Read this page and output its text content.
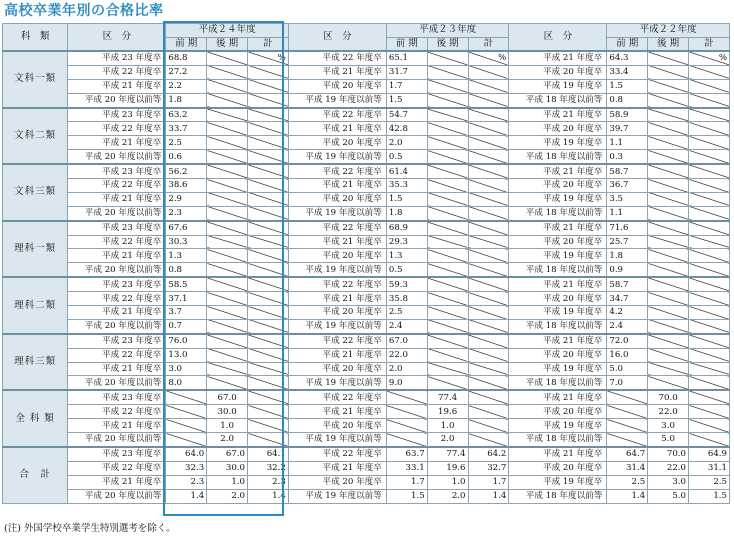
高校卒業年別の合格比率
科　類	区　分	平成２４年度			区　分	平成２３年度			区　分	平成２２年度		
		前 期	後 期	計		前 期	後 期	計		前 期	後 期	計
文科一類	平成 23 年度卒	68.8		%	平成 22 年度卒	65.1		%	平成 21 年度卒	64.3		%
	平成 22 年度卒	27.2			平成 21 年度卒	31.7			平成 20 年度卒	33.4		
	平成 21 年度卒	2.2			平成 20 年度卒	1.7			平成 19 年度卒	1.5		
	平成 20 年度以前等	1.8			平成 19 年度以前等	1.5			平成 18 年度以前等	0.8		
文科二類	平成 23 年度卒	63.2			平成 22 年度卒	54.7			平成 21 年度卒	58.9		
	平成 22 年度卒	33.7			平成 21 年度卒	42.8			平成 20 年度卒	39.7		
	平成 21 年度卒	2.5			平成 20 年度卒	2.0			平成 19 年度卒	1.1		
	平成 20 年度以前等	0.6			平成 19 年度以前等	0.5			平成 18 年度以前等	0.3		
文科三類	平成 23 年度卒	56.2			平成 22 年度卒	61.4			平成 21 年度卒	58.7		
	平成 22 年度卒	38.6			平成 21 年度卒	35.3			平成 20 年度卒	36.7		
	平成 21 年度卒	2.9			平成 20 年度卒	1.5			平成 19 年度卒	3.5		
	平成 20 年度以前等	2.3			平成 19 年度以前等	1.8			平成 18 年度以前等	1.1		
理科一類	平成 23 年度卒	67.6			平成 22 年度卒	68.9			平成 21 年度卒	71.6		
	平成 22 年度卒	30.3			平成 21 年度卒	29.3			平成 20 年度卒	25.7		
	平成 21 年度卒	1.3			平成 20 年度卒	1.3			平成 19 年度卒	1.8		
	平成 20 年度以前等	0.8			平成 19 年度以前等	0.5			平成 18 年度以前等	0.9		
理科二類	平成 23 年度卒	58.5			平成 22 年度卒	59.3			平成 21 年度卒	58.7		
	平成 22 年度卒	37.1			平成 21 年度卒	35.8			平成 20 年度卒	34.7		
	平成 21 年度卒	3.7			平成 20 年度卒	2.5			平成 19 年度卒	4.2		
	平成 20 年度以前等	0.7			平成 19 年度以前等	2.4			平成 18 年度以前等	2.4		
理科三類	平成 23 年度卒	76.0			平成 22 年度卒	67.0			平成 21 年度卒	72.0		
	平成 22 年度卒	13.0			平成 21 年度卒	22.0			平成 20 年度卒	16.0		
	平成 21 年度卒	3.0			平成 20 年度卒	2.0			平成 19 年度卒	5.0		
	平成 20 年度以前等	8.0			平成 19 年度以前等	9.0			平成 18 年度以前等	7.0		
全 科 類	平成 23 年度卒		67.0		平成 22 年度卒		77.4		平成 21 年度卒		70.0	
	平成 22 年度卒		30.0		平成 21 年度卒		19.6		平成 20 年度卒		22.0	
	平成 21 年度卒		1.0		平成 20 年度卒		1.0		平成 19 年度卒		3.0	
	平成 20 年度以前等		2.0		平成 19 年度以前等		2.0		平成 18 年度以前等		5.0	
合　計	平成 23 年度卒	64.0	67.0	64.1	平成 22 年度卒	63.7	77.4	64.2	平成 21 年度卒	64.7	70.0	64.9
	平成 22 年度卒	32.3	30.0	32.2	平成 21 年度卒	33.1	19.6	32.7	平成 20 年度卒	31.4	22.0	31.1
	平成 21 年度卒	2.3	1.0	2.3	平成 20 年度卒	1.7	1.0	1.7	平成 19 年度卒	2.5	3.0	2.5
	平成 20 年度以前等	1.4	2.0	1.4	平成 19 年度以前等	1.5	2.0	1.4	平成 18 年度以前等	1.4	5.0	1.5
(注) 外国学校卒業学生特別選考を除く。
